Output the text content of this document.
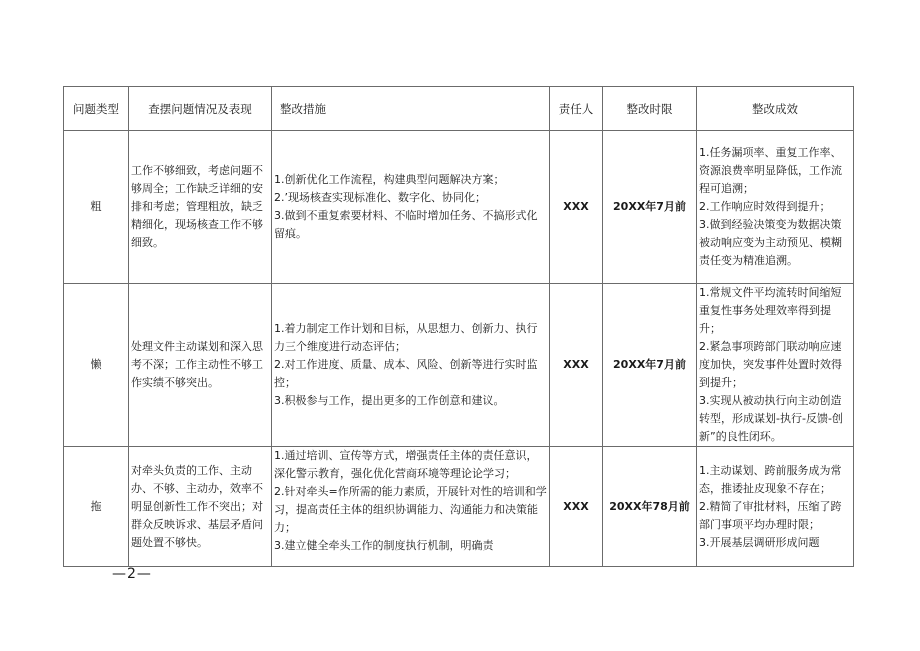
问题类型	查摆问题情况及表现	整改措施	责任人	整改时限	整改成效
粗	工作不够细致，考虑问题不够周全；工作缺乏详细的安排和考虑；管理粗放，缺乏精细化，现场核查工作不够细致。	1.创新优化工作流程，构建典型问题解决方案；
2.’现场核查实现标准化、数字化、协同化；
3.做到不重复索要材料、不临时增加任务、不搞形式化留痕。	XXX	20XX年7月前	1.任务漏项率、重复工作率、资源浪费率明显降低，工作流程可追溯；
2.工作响应时效得到提升；
3.做到经验决策变为数据决策被动响应变为主动预见、模糊责任变为精准追溯。

懒	处理文件主动谋划和深入思考不深；工作主动性不够工作实绩不够突出。	1.着力制定工作计划和目标，从思想力、创新力、执行力三个维度进行动态评估；
2.对工作进度、质量、成本、风险、创新等进行实时监控；
3.积极参与工作，提出更多的工作创意和建议。	XXX	20XX年7月前	1.常规文件平均流转时间缩短重复性事务处理效率得到提升；
2.紧急事项跨部门联动响应速度加快，突发事件处置时效得到提升；
3.实现从被动执行向主动创造转型，形成谋划-执行-反馈-创新”的良性闭环。

拖	对牵头负责的工作、主动办、不够、主动办，效率不明显创新性工作不突出；对群众反映诉求、基层矛盾问题处置不够快。	1.通过培训、宣传等方式，增强责任主体的责任意识，深化警示教育，强化优化营商环境等理论论学习；
2.针对牵头=作所需的能力素质，开展针对性的培训和学习，提高责任主体的组织协调能力、沟通能力和决策能力；
3.建立健全牵头工作的制度执行机制，明确责	XXX	20XX年78月前	1.主动谋划、跨前服务成为常态，推诿扯皮现象不存在；
2.精简了审批材料，压缩了跨部门事项平均办理时限；
3.开展基层调研形成问题
—2—
